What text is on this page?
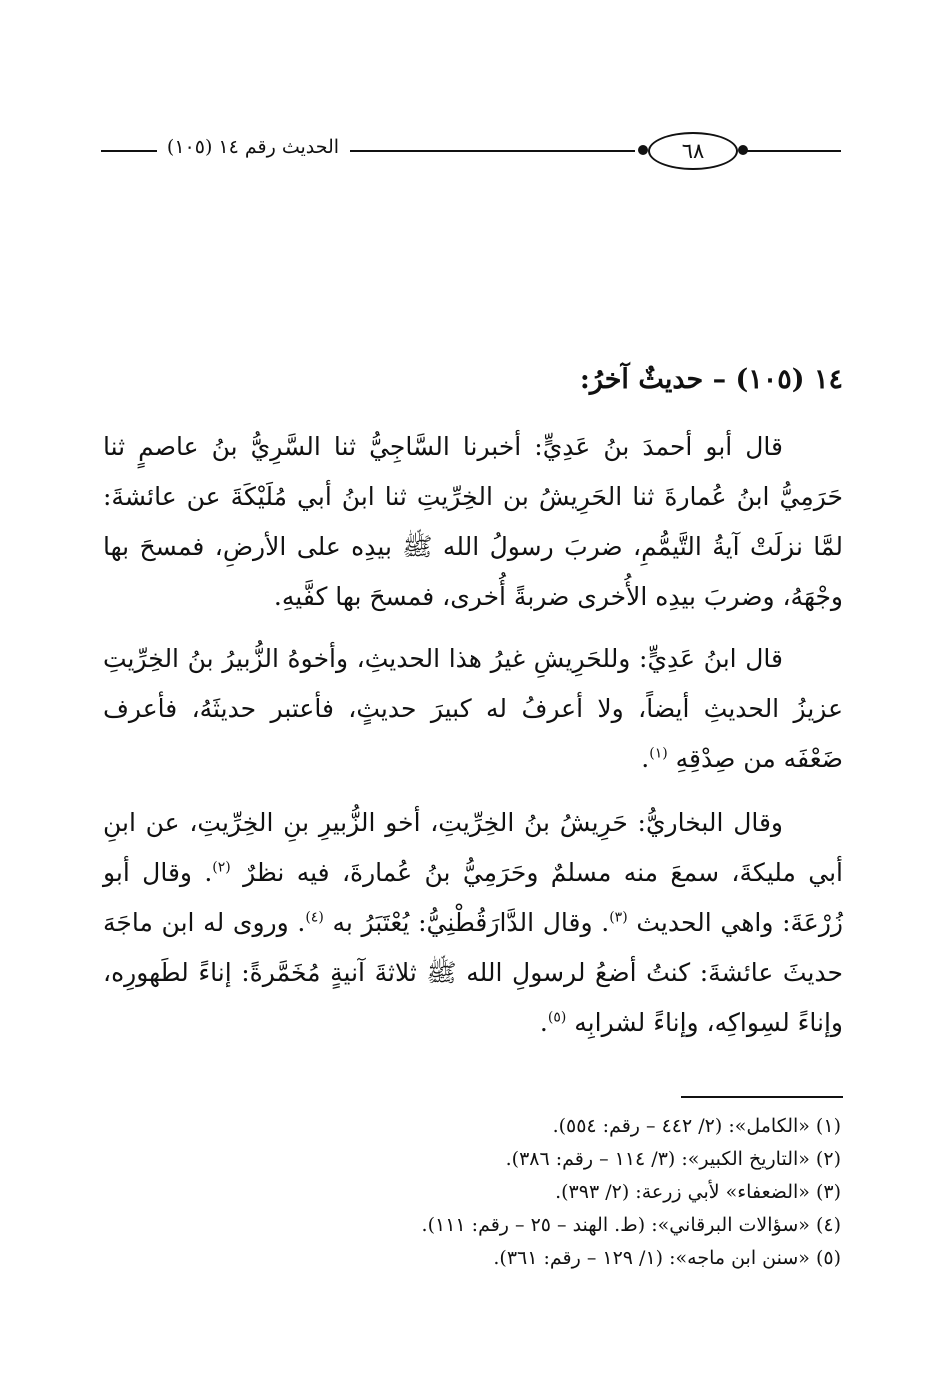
الحديث رقم ١٤ (١٠٥)	٦٨
١٤ (١٠٥) – حديثٌ آخرُ:

قال أبو أحمدَ بنُ عَدِيٍّ: أخبرنا السَّاجِيُّ ثنا السَّرِيُّ بنُ عاصمٍ ثنا حَرَمِيُّ ابنُ عُمارةَ ثنا الحَرِيشُ بن الخِرِّيتِ ثنا ابنُ أبي مُلَيْكَةَ عن عائشةَ: لمَّا نزلَتْ آيةُ التَّيمُّمِ، ضربَ رسولُ الله ﷺ بيدِه على الأرضِ، فمسحَ بها وجْهَهُ، وضربَ بيدِه الأُخرى ضربةً أُخرى، فمسحَ بها كفَّيهِ.

قال ابنُ عَدِيٍّ: وللحَرِيشِ غيرُ هذا الحديثِ، وأخوهُ الزُّبيرُ بنُ الخِرِّيتِ عزيزُ الحديثِ أيضاً، ولا أعرفُ له كبيرَ حديثٍ، فأعتبر حديثَهُ، فأعرف ضَعْفَه من صِدْقِهِ $^{(١)}$.

وقال البخاريُّ: حَرِيشُ بنُ الخِرِّيتِ، أخو الزُّبيرِ بنِ الخِرِّيتِ، عن ابنِ أبي مليكةَ، سمعَ منه مسلمٌ وحَرَمِيُّ بنُ عُمارةَ، فيه نظرٌ $^{(٢)}$. وقال أبو زُرْعَةَ: واهي الحديث $^{(٣)}$. وقال الدَّارَقُطْنِيُّ: يُعْتَبَرُ به $^{(٤)}$. وروى له ابن ماجَهَ حديثَ عائشةَ: كنتُ أضعُ لرسولِ الله ﷺ ثلاثةَ آنيةٍ مُخَمَّرةً: إناءً لطَهورِه، وإناءً لسِواكِه، وإناءً لشرابِه $^{(٥)}$.

(١) «الكامل»: (٢/ ٤٤٢ – رقم: ٥٥٤).
(٢) «التاريخ الكبير»: (٣/ ١١٤ – رقم: ٣٨٦).
(٣) «الضعفاء» لأبي زرعة: (٢/ ٣٩٣).
(٤) «سؤالات البرقاني»: (ط. الهند – ٢٥ – رقم: ١١١).
(٥) «سنن ابن ماجه»: (١/ ١٢٩ – رقم: ٣٦١).
